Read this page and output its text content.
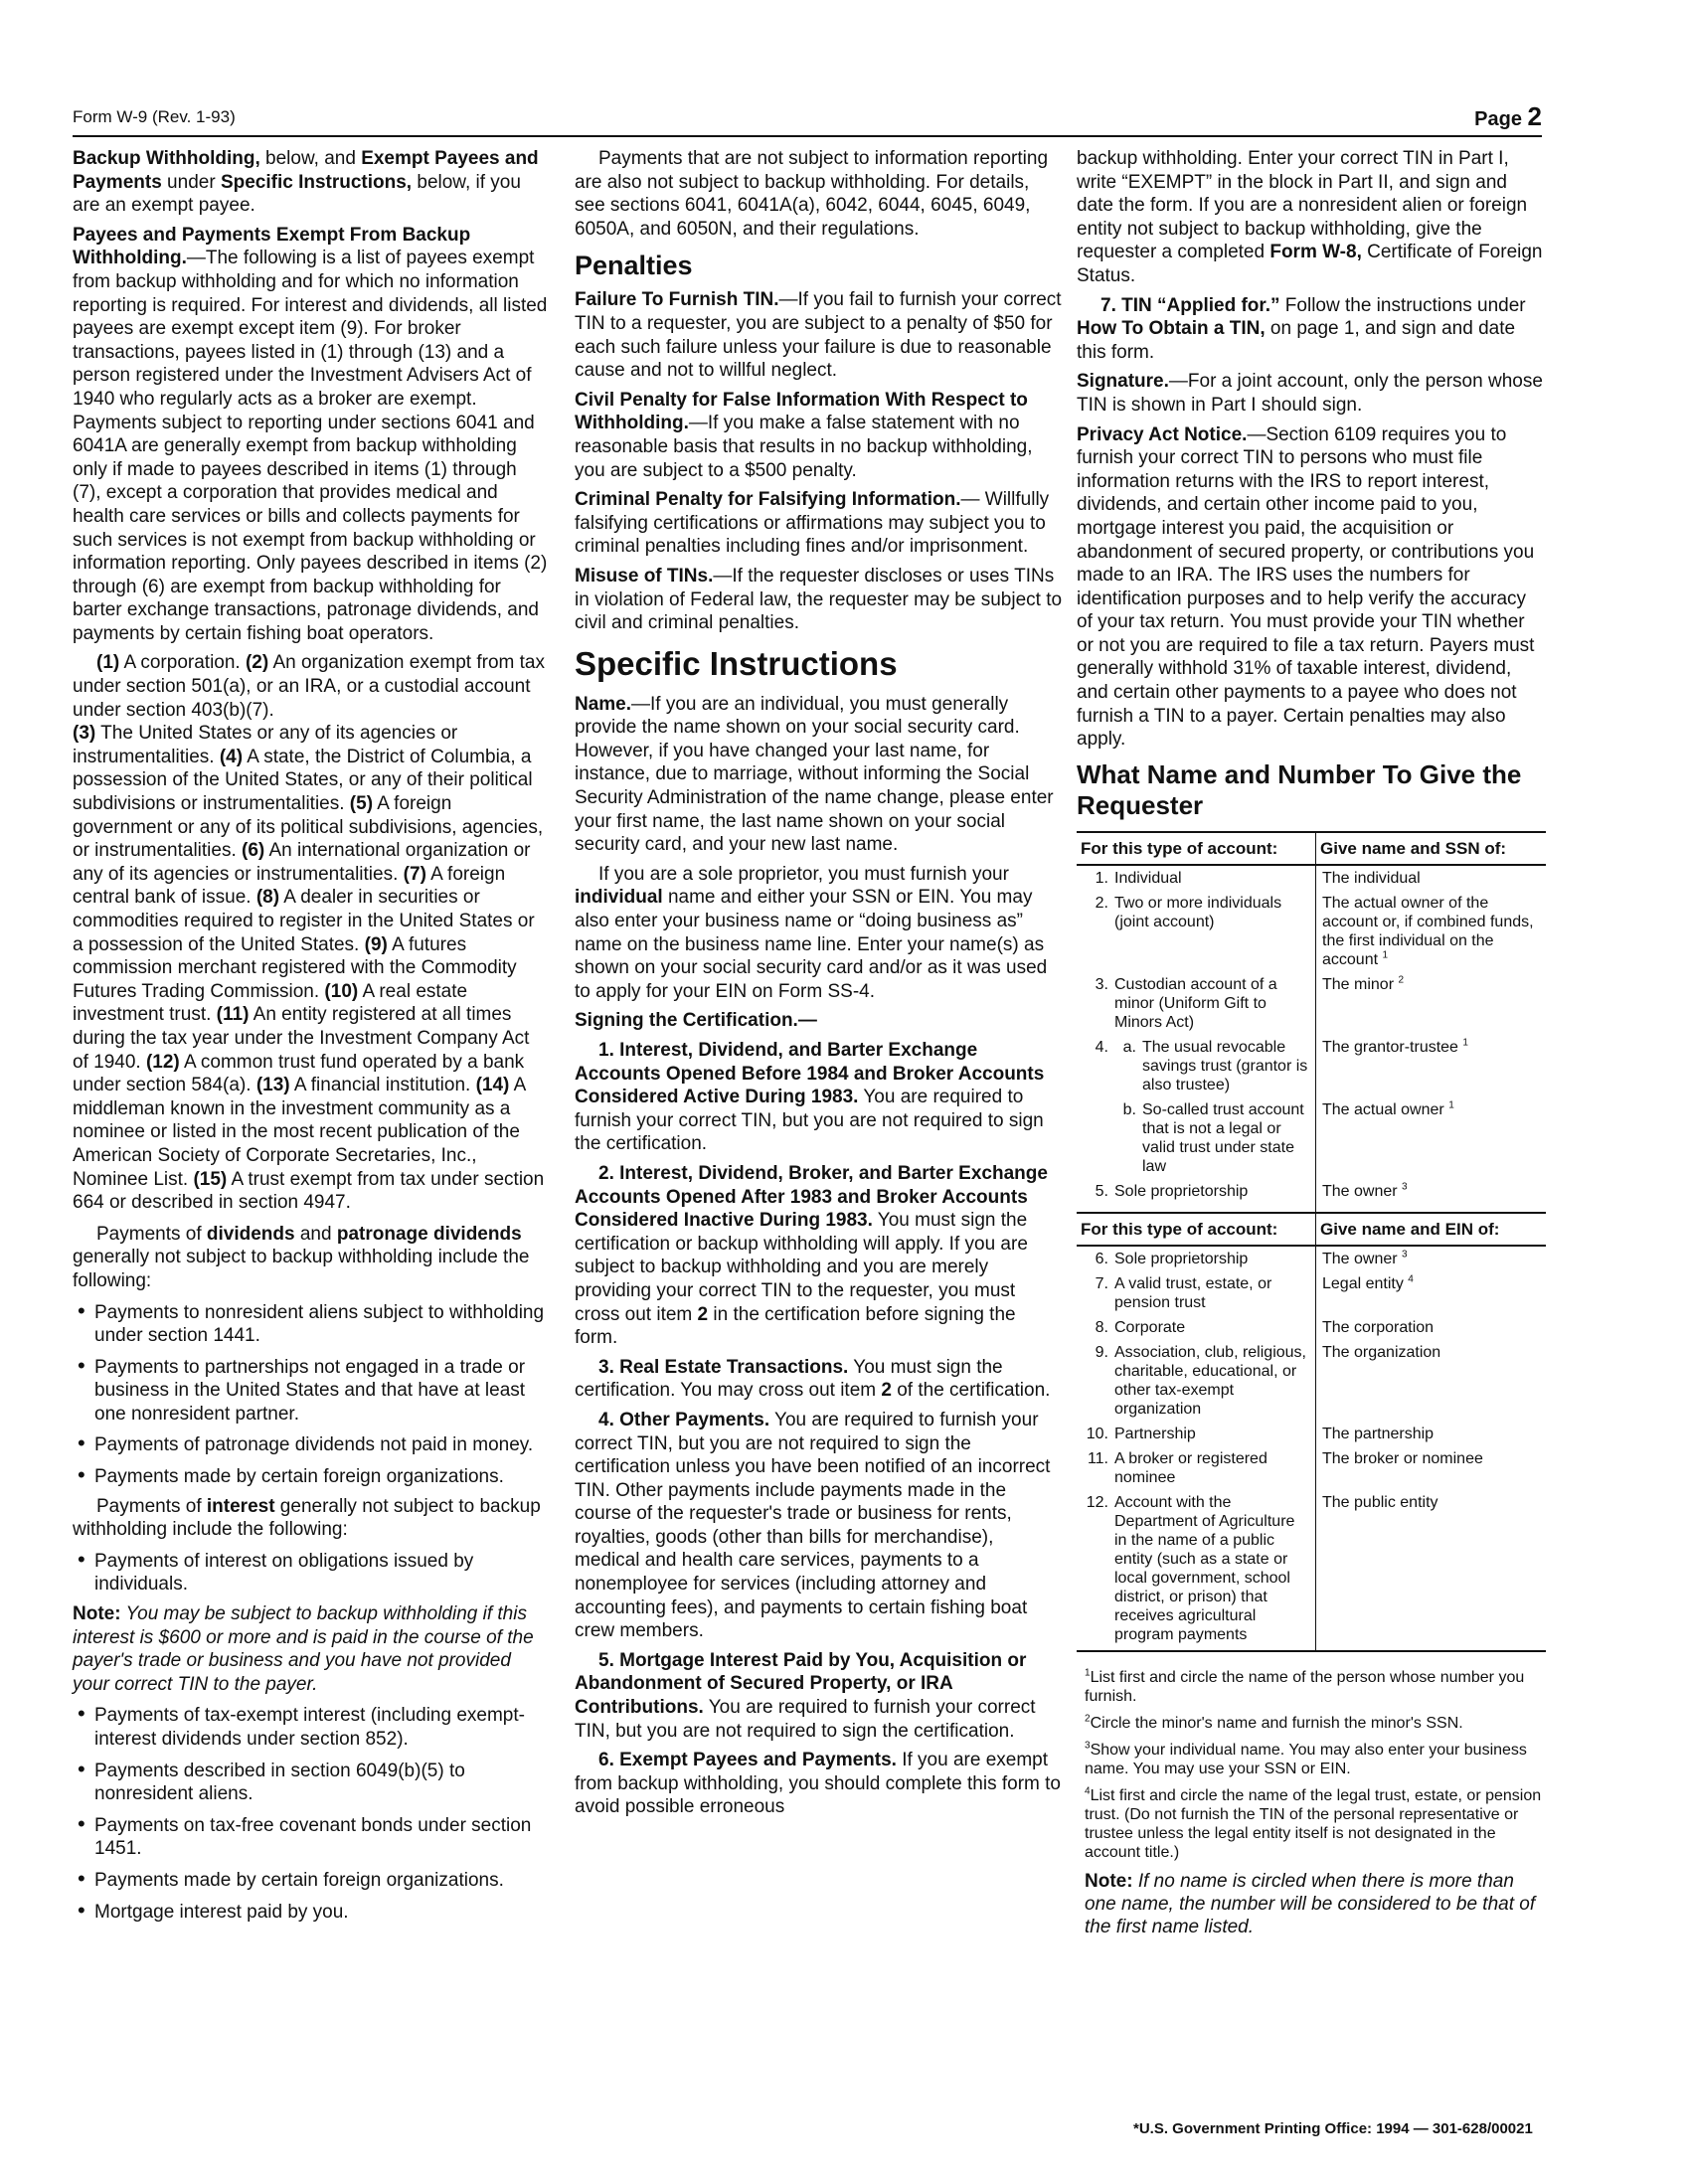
Form W-9 (Rev. 1-93)	Page 2

Backup Withholding, below, and Exempt Payees and Payments under Specific Instructions, below, if you are an exempt payee.

Payees and Payments Exempt From Backup Withholding.—The following is a list of payees exempt from backup withholding and for which no information reporting is required. For interest and dividends, all listed payees are exempt except item (9). For broker transactions, payees listed in (1) through (13) and a person registered under the Investment Advisers Act of 1940 who regularly acts as a broker are exempt. Payments subject to reporting under sections 6041 and 6041A are generally exempt from backup withholding only if made to payees described in items (1) through (7), except a corporation that provides medical and health care services or bills and collects payments for such services is not exempt from backup withholding or information reporting. Only payees described in items (2) through (6) are exempt from backup withholding for barter exchange transactions, patronage dividends, and payments by certain fishing boat operators.

(1) A corporation. (2) An organization exempt from tax under section 501(a), or an IRA, or a custodial account under section 403(b)(7).
(3) The United States or any of its agencies or instrumentalities. (4) A state, the District of Columbia, a possession of the United States, or any of their political subdivisions or instrumentalities. (5) A foreign government or any of its political subdivisions, agencies, or instrumentalities. (6) An international organization or any of its agencies or instrumentalities. (7) A foreign central bank of issue. (8) A dealer in securities or commodities required to register in the United States or a possession of the United States. (9) A futures commission merchant registered with the Commodity Futures Trading Commission. (10) A real estate investment trust. (11) An entity registered at all times during the tax year under the Investment Company Act of 1940. (12) A common trust fund operated by a bank under section 584(a). (13) A financial institution. (14) A middleman known in the investment community as a nominee or listed in the most recent publication of the American Society of Corporate Secretaries, Inc., Nominee List. (15) A trust exempt from tax under section 664 or described in section 4947.

Payments of dividends and patronage dividends generally not subject to backup withholding include the following:

• Payments to nonresident aliens subject to withholding under section 1441.

• Payments to partnerships not engaged in a trade or business in the United States and that have at least one nonresident partner.

• Payments of patronage dividends not paid in money.

• Payments made by certain foreign organizations.

Payments of interest generally not subject to backup withholding include the following:

• Payments of interest on obligations issued by individuals.

Note: You may be subject to backup withholding if this interest is $600 or more and is paid in the course of the payer's trade or business and you have not provided your correct TIN to the payer.

• Payments of tax-exempt interest (including exempt-interest dividends under section 852).

• Payments described in section 6049(b)(5) to nonresident aliens.

• Payments on tax-free covenant bonds under section 1451.

• Payments made by certain foreign organizations.

• Mortgage interest paid by you.

Payments that are not subject to information reporting are also not subject to backup withholding. For details, see sections 6041, 6041A(a), 6042, 6044, 6045, 6049, 6050A, and 6050N, and their regulations.

Penalties

Failure To Furnish TIN.—If you fail to furnish your correct TIN to a requester, you are subject to a penalty of $50 for each such failure unless your failure is due to reasonable cause and not to willful neglect.

Civil Penalty for False Information With Respect to Withholding.—If you make a false statement with no reasonable basis that results in no backup withholding, you are subject to a $500 penalty.

Criminal Penalty for Falsifying Information.— Willfully falsifying certifications or affirmations may subject you to criminal penalties including fines and/or imprisonment.

Misuse of TINs.—If the requester discloses or uses TINs in violation of Federal law, the requester may be subject to civil and criminal penalties.

Specific Instructions

Name.—If you are an individual, you must generally provide the name shown on your social security card. However, if you have changed your last name, for instance, due to marriage, without informing the Social Security Administration of the name change, please enter your first name, the last name shown on your social security card, and your new last name.

If you are a sole proprietor, you must furnish your individual name and either your SSN or EIN. You may also enter your business name or “doing business as” name on the business name line. Enter your name(s) as shown on your social security card and/or as it was used to apply for your EIN on Form SS-4.

Signing the Certification.—

1. Interest, Dividend, and Barter Exchange Accounts Opened Before 1984 and Broker Accounts Considered Active During 1983. You are required to furnish your correct TIN, but you are not required to sign the certification.

2. Interest, Dividend, Broker, and Barter Exchange Accounts Opened After 1983 and Broker Accounts Considered Inactive During 1983. You must sign the certification or backup withholding will apply. If you are subject to backup withholding and you are merely providing your correct TIN to the requester, you must cross out item 2 in the certification before signing the form.

3. Real Estate Transactions. You must sign the certification. You may cross out item 2 of the certification.

4. Other Payments. You are required to furnish your correct TIN, but you are not required to sign the certification unless you have been notified of an incorrect TIN. Other payments include payments made in the course of the requester's trade or business for rents, royalties, goods (other than bills for merchandise), medical and health care services, payments to a nonemployee for services (including attorney and accounting fees), and payments to certain fishing boat crew members.

5. Mortgage Interest Paid by You, Acquisition or Abandonment of Secured Property, or IRA Contributions. You are required to furnish your correct TIN, but you are not required to sign the certification.

6. Exempt Payees and Payments. If you are exempt from backup withholding, you should complete this form to avoid possible erroneous

backup withholding. Enter your correct TIN in Part I, write “EXEMPT” in the block in Part II, and sign and date the form. If you are a nonresident alien or foreign entity not subject to backup withholding, give the requester a completed Form W-8, Certificate of Foreign Status.

7. TIN “Applied for.” Follow the instructions under How To Obtain a TIN, on page 1, and sign and date this form.

Signature.—For a joint account, only the person whose TIN is shown in Part I should sign.

Privacy Act Notice.—Section 6109 requires you to furnish your correct TIN to persons who must file information returns with the IRS to report interest, dividends, and certain other income paid to you, mortgage interest you paid, the acquisition or abandonment of secured property, or contributions you made to an IRA. The IRS uses the numbers for identification purposes and to help verify the accuracy of your tax return. You must provide your TIN whether or not you are required to file a tax return. Payers must generally withhold 31% of taxable interest, dividend, and certain other payments to a payee who does not furnish a TIN to a payer. Certain penalties may also apply.

What Name and Number To Give the Requester
For this type of account:	Give name and SSN of:

1. Individual	The individual

2. Two or more individuals (joint account)	The actual owner of the account or, if combined funds, the first individual on the account $^1$

3. Custodian account of a minor (Uniform Gift to Minors Act)	The minor $^2$

4. a. The usual revocable savings trust (grantor is also trustee)	The grantor-trustee $^1$

b. So-called trust account that is not a legal or valid trust under state law	The actual owner $^1$

5. Sole proprietorship	The owner $^3$

For this type of account:	Give name and EIN of:

6. Sole proprietorship	The owner $^3$

7. A valid trust, estate, or pension trust	Legal entity $^4$

8. Corporate	The corporation

9. Association, club, religious, charitable, educational, or other tax-exempt organization	The organization

10. Partnership	The partnership

11. A broker or registered nominee	The broker or nominee

12. Account with the Department of Agriculture in the name of a public entity (such as a state or local government, school district, or prison) that receives agricultural program payments	The public entity

$^1$List first and circle the name of the person whose number you furnish.

$^2$Circle the minor's name and furnish the minor's SSN.

$^3$Show your individual name. You may also enter your business name. You may use your SSN or EIN.

$^4$List first and circle the name of the legal trust, estate, or pension trust. (Do not furnish the TIN of the personal representative or trustee unless the legal entity itself is not designated in the account title.)

Note: If no name is circled when there is more than one name, the number will be considered to be that of the first name listed.

*U.S. Government Printing Office: 1994 — 301-628/00021
